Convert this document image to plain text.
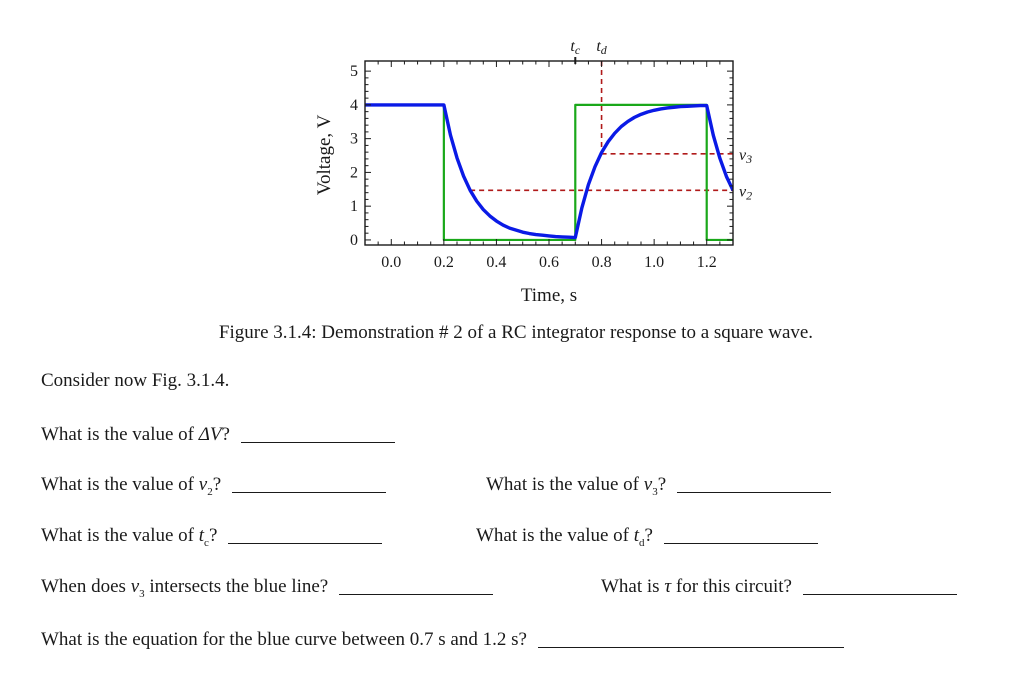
0.0 0.2 0.4 0.6 0.8 1.0 1.2
0
1
2
3
4
5
v2
v3
td
tc
Time, s
Voltage, V
Figure 3.1.4: Demonstration # 2 of a RC integrator response to a square wave.
Consider now Fig. 3.1.4.
What is the value of ΔV?
What is the value of $v_2$?	What is the value of $v_3$?
What is the value of $t_c$?	What is the value of $t_d$?
When does $v_3$ intersects the blue line?	What is τ for this circuit?
What is the equation for the blue curve between 0.7 s and 1.2 s?
